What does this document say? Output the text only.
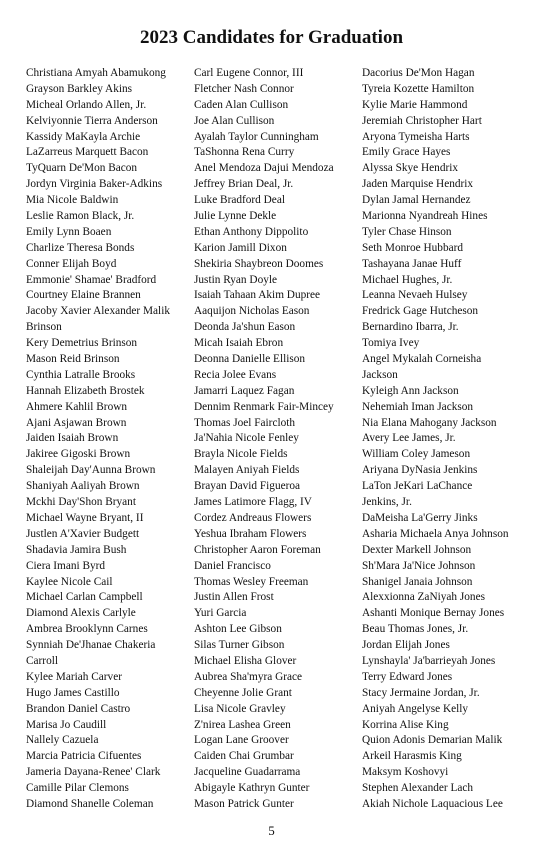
2023 Candidates for Graduation
Christiana Amyah Abamukong
Grayson Barkley Akins
Micheal Orlando Allen, Jr.
Kelviyonnie Tierra Anderson
Kassidy MaKayla Archie
LaZarreus Marquett Bacon
TyQuarn De'Mon Bacon
Jordyn Virginia Baker-Adkins
Mia Nicole Baldwin
Leslie Ramon Black, Jr.
Emily Lynn Boaen
Charlize Theresa Bonds
Conner Elijah Boyd
Emmonie' Shamae' Bradford
Courtney Elaine Brannen
Jacoby Xavier Alexander Malik
Brinson
Kery Demetrius Brinson
Mason Reid Brinson
Cynthia Latralle Brooks
Hannah Elizabeth Brostek
Ahmere Kahlil Brown
Ajani Asjawan Brown
Jaiden Isaiah Brown
Jakiree Gigoski Brown
Shaleijah Day'Aunna Brown
Shaniyah Aaliyah Brown
Mckhi Day'Shon Bryant
Michael Wayne Bryant, II
Justlen A'Xavier Budgett
Shadavia Jamira Bush
Ciera Imani Byrd
Kaylee Nicole Cail
Michael Carlan Campbell
Diamond Alexis Carlyle
Ambrea Brooklynn Carnes
Synniah De'Jhanae Chakeria
Carroll
Kylee Mariah Carver
Hugo James Castillo
Brandon Daniel Castro
Marisa Jo Caudill
Nallely Cazuela
Marcia Patricia Cifuentes
Jameria Dayana-Renee' Clark
Camille Pilar Clemons
Diamond Shanelle Coleman
Carl Eugene Connor, III
Fletcher Nash Connor
Caden Alan Cullison
Joe Alan Cullison
Ayalah Taylor Cunningham
TaShonna Rena Curry
Anel Mendoza Dajui Mendoza
Jeffrey Brian Deal, Jr.
Luke Bradford Deal
Julie Lynne Dekle
Ethan Anthony Dippolito
Karion Jamill Dixon
Shekiria Shaybreon Doomes
Justin Ryan Doyle
Isaiah Tahaan Akim Dupree
Aaquijon Nicholas Eason
Deonda Ja'shun Eason
Micah Isaiah Ebron
Deonna Danielle Ellison
Recia Jolee Evans
Jamarri Laquez Fagan
Dennim Renmark Fair-Mincey
Thomas Joel Faircloth
Ja'Nahia Nicole Fenley
Brayla Nicole Fields
Malayen Aniyah Fields
Brayan David Figueroa
James Latimore Flagg, IV
Cordez Andreaus Flowers
Yeshua Ibraham Flowers
Christopher Aaron Foreman
Daniel Francisco
Thomas Wesley Freeman
Justin Allen Frost
Yuri Garcia
Ashton Lee Gibson
Silas Turner Gibson
Michael Elisha Glover
Aubrea Sha'myra Grace
Cheyenne Jolie Grant
Lisa Nicole Gravley
Z'nirea Lashea Green
Logan Lane Groover
Caiden Chai Grumbar
Jacqueline Guadarrama
Abigayle Kathryn Gunter
Mason Patrick Gunter
Dacorius De'Mon Hagan
Tyreia Kozette Hamilton
Kylie Marie Hammond
Jeremiah Christopher Hart
Aryona Tymeisha Harts
Emily Grace Hayes
Alyssa Skye Hendrix
Jaden Marquise Hendrix
Dylan Jamal Hernandez
Marionna Nyandreah Hines
Tyler Chase Hinson
Seth Monroe Hubbard
Tashayana Janae Huff
Michael Hughes, Jr.
Leanna Nevaeh Hulsey
Fredrick Gage Hutcheson
Bernardino Ibarra, Jr.
Tomiya Ivey
Angel Mykalah Corneisha
Jackson
Kyleigh Ann Jackson
Nehemiah Iman Jackson
Nia Elana Mahogany Jackson
Avery Lee James, Jr.
William Coley Jameson
Ariyana DyNasia Jenkins
LaTon JeKari LaChance
Jenkins, Jr.
DaMeisha La'Gerry Jinks
Asharia Michaela Anya Johnson
Dexter Markell Johnson
Sh'Mara Ja'Nice Johnson
Shanigel Janaia Johnson
Alexxionna ZaNiyah Jones
Ashanti Monique Bernay Jones
Beau Thomas Jones, Jr.
Jordan Elijah Jones
Lynshayla' Ja'barrieyah Jones
Terry Edward Jones
Stacy Jermaine Jordan, Jr.
Aniyah Angelyse Kelly
Korrina Alise King
Quion Adonis Demarian Malik
Arkeil Harasmis King
Maksym Koshovyi
Stephen Alexander Lach
Akiah Nichole Laquacious Lee
5
